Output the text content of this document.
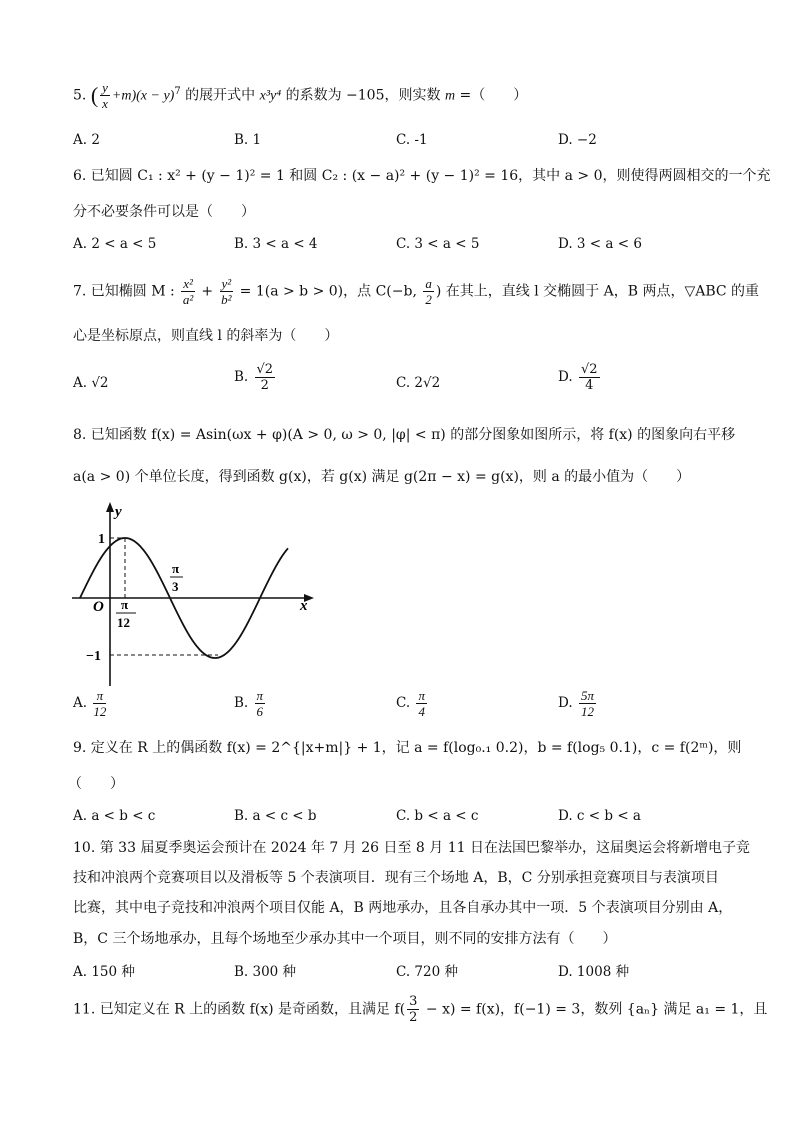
5. ( $\frac{y}{x} +m)(x - y)^7$ 的展开式中 x³y⁴ 的系数为 −105，则实数 m =（　　）
A. 2	B. 1	C. -1	D. −2
6. 已知圆 C₁ : x² + (y − 1)² = 1 和圆 C₂ : (x − a)² + (y − 1)² = 16，其中 a > 0，则使得两圆相交的一个充
分不必要条件可以是（　　）
A. 2 < a < 5	B. 3 < a < 4	C. 3 < a < 5	D. 3 < a < 6
7. 已知椭圆 M : $\frac{\text{x²}}{\text{a²}} + \frac{\text{y²}}{\text{b²}} = 1(a > b > 0)$，点 C(−b, $\frac{a}{2}$ ) 在其上，直线 l 交椭圆于 A，B 两点，▽ABC 的重
心是坐标原点，则直线 l 的斜率为（　　）
A. √2	B. $\frac{√2}{2}$	C. 2√2	D. $\frac{√2}{4}$
8. 已知函数 f(x) = Asin(ωx + φ)(A > 0, ω > 0, |φ| < π) 的部分图象如图所示，将 f(x) 的图象向右平移
a(a > 0) 个单位长度，得到函数 g(x)，若 g(x) 满足 g(2π − x) = g(x)，则 a 的最小值为（　　）
y
x
O
1
−1
π
12
π
3
A. $\frac{\pi}{12}$	B. $\frac{\pi}{6}$	C. $\frac{\pi}{4}$	D. $\frac{5\pi}{12}$
9. 定义在 R 上的偶函数 f(x) = 2^{|x+m|} + 1，记 a = f(log₀.₁ 0.2)，b = f(log₅ 0.1)，c = f(2ᵐ)，则
（　　）
A. a < b < c	B. a < c < b	C. b < a < c	D. c < b < a
10. 第 33 届夏季奥运会预计在 2024 年 7 月 26 日至 8 月 11 日在法国巴黎举办，这届奥运会将新增电子竞
技和冲浪两个竞赛项目以及滑板等 5 个表演项目．现有三个场地 A，B，C 分别承担竞赛项目与表演项目
比赛，其中电子竞技和冲浪两个项目仅能 A，B 两地承办，且各自承办其中一项．5 个表演项目分别由 A，
B，C 三个场地承办，且每个场地至少承办其中一个项目，则不同的安排方法有（　　）
A. 150 种	B. 300 种	C. 720 种	D. 1008 种
11. 已知定义在 R 上的函数 f(x) 是奇函数，且满足 $f( \frac{3}{2} - x) = f(x)$，f(−1) = 3，数列 {aₙ} 满足 a₁ = 1，且
